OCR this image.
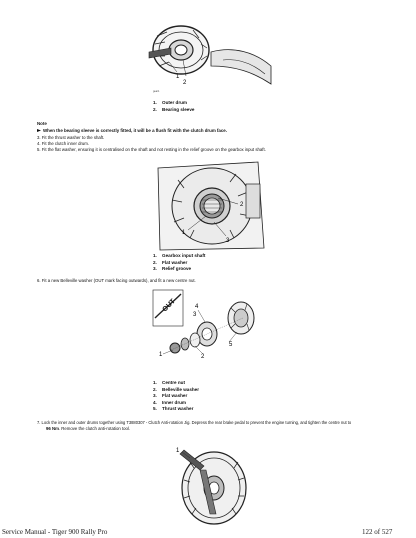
1
2
gear1
1. Outer drum
2. Bearing sleeve
Note
When the bearing sleeve is correctly fitted, it will be a flush fit with the clutch drum face.
3. Fit the thrust washer to the shaft.
4. Fit the clutch inner drum.
5. Fit the flat washer, ensuring it is centralised on the shaft and not resting in the relief groove on the gearbox input shaft.
1
2
3
1. Gearbox input shaft
2. Flat washer
3. Relief groove
6. Fit a new Belleville washer (OUT mark facing outwards), and fit a new centre nut.
OUT	4
3
5
2
1
1. Centre nut
2. Belleville washer
3. Flat washer
4. Inner drum
5. Thrust washer
7. Lock the inner and outer drums together using T3880307 - Clutch Anti-rotation Jig. Depress the rear brake pedal to prevent the engine turning, and tighten the centre nut to
96 Nm. Remove the clutch anti-rotation tool.
1
Service Manual - Tiger 900 Rally Pro	122 of 527
